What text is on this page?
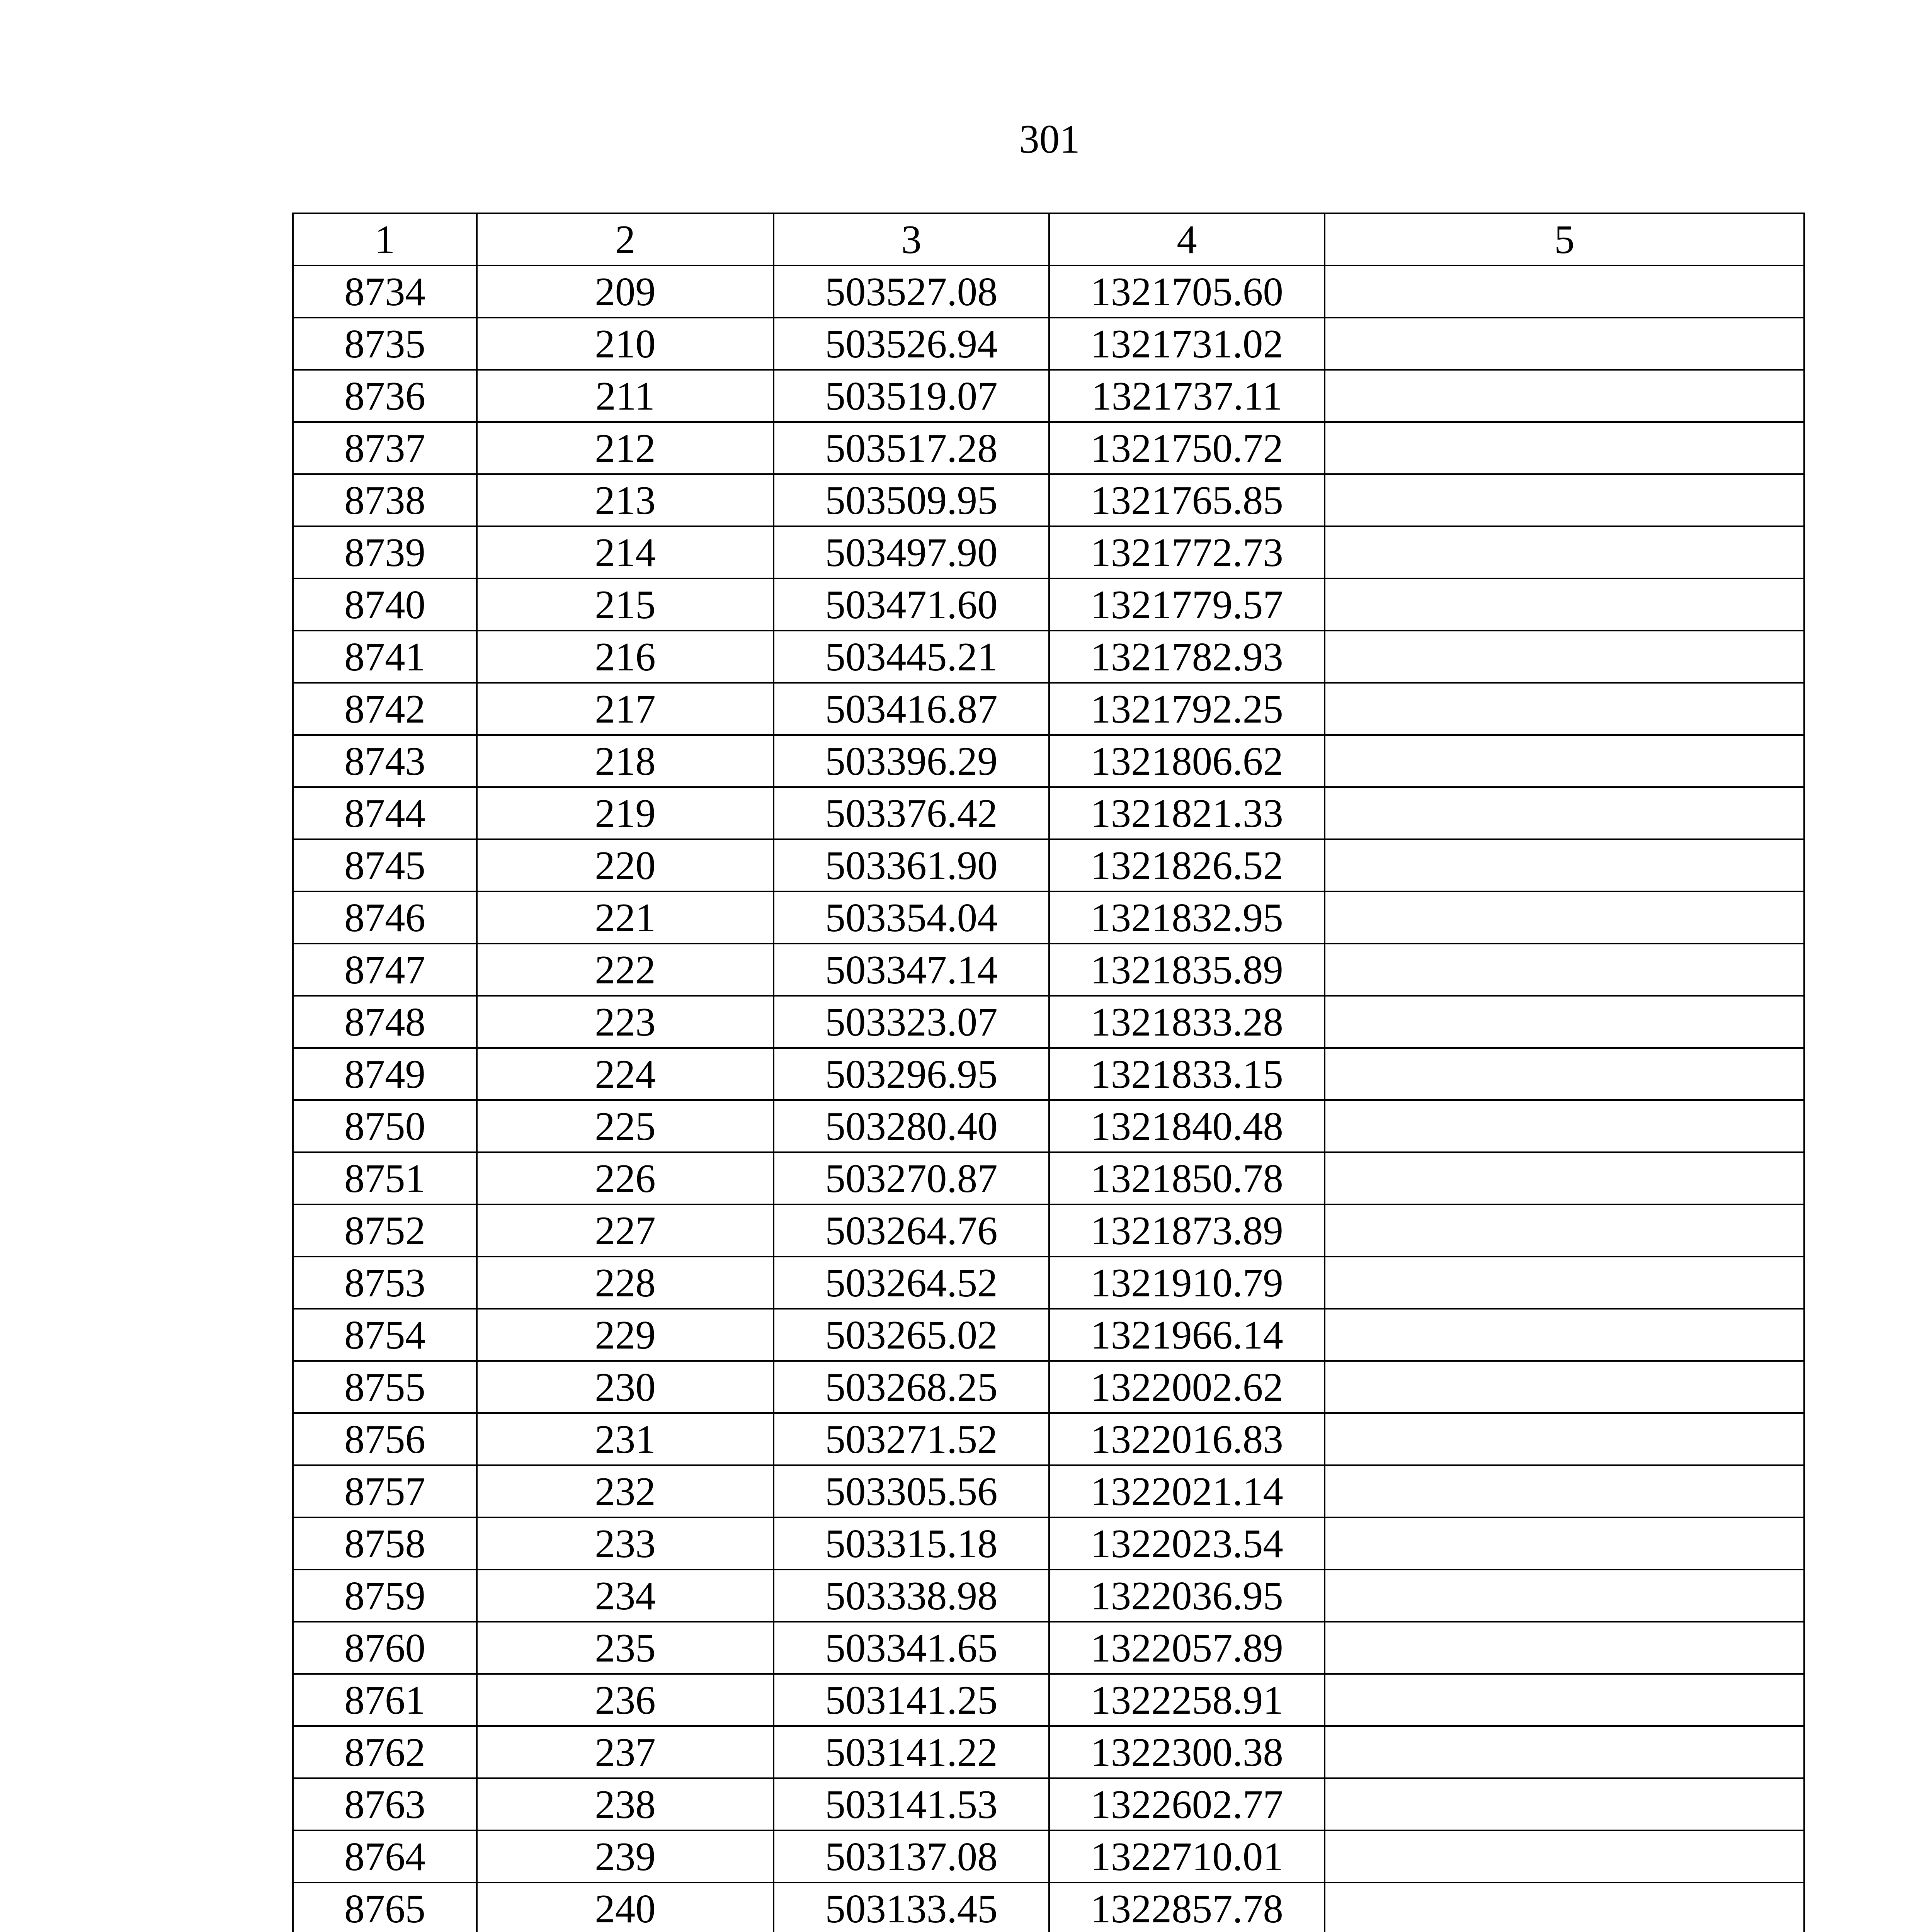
301
1	2	3	4	5
8734	209	503527.08	1321705.60	
8735	210	503526.94	1321731.02	
8736	211	503519.07	1321737.11	
8737	212	503517.28	1321750.72	
8738	213	503509.95	1321765.85	
8739	214	503497.90	1321772.73	
8740	215	503471.60	1321779.57	
8741	216	503445.21	1321782.93	
8742	217	503416.87	1321792.25	
8743	218	503396.29	1321806.62	
8744	219	503376.42	1321821.33	
8745	220	503361.90	1321826.52	
8746	221	503354.04	1321832.95	
8747	222	503347.14	1321835.89	
8748	223	503323.07	1321833.28	
8749	224	503296.95	1321833.15	
8750	225	503280.40	1321840.48	
8751	226	503270.87	1321850.78	
8752	227	503264.76	1321873.89	
8753	228	503264.52	1321910.79	
8754	229	503265.02	1321966.14	
8755	230	503268.25	1322002.62	
8756	231	503271.52	1322016.83	
8757	232	503305.56	1322021.14	
8758	233	503315.18	1322023.54	
8759	234	503338.98	1322036.95	
8760	235	503341.65	1322057.89	
8761	236	503141.25	1322258.91	
8762	237	503141.22	1322300.38	
8763	238	503141.53	1322602.77	
8764	239	503137.08	1322710.01	
8765	240	503133.45	1322857.78	
